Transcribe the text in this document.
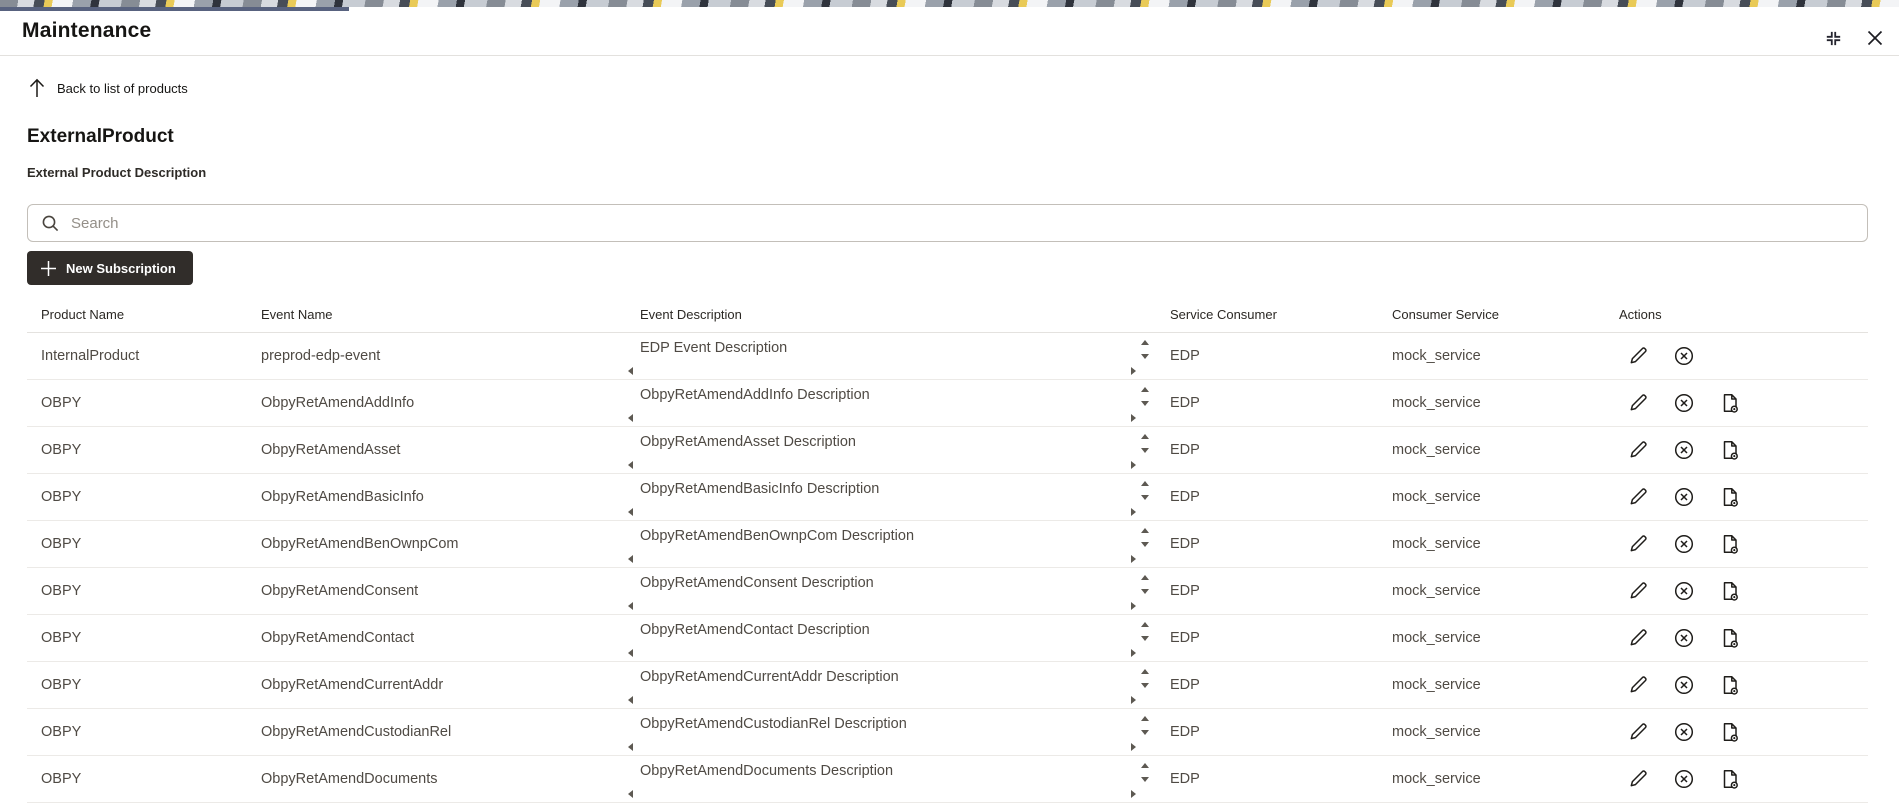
Maintenance
Back to list of products
ExternalProduct
External Product Description
Search
New Subscription
Product Name	Event Name	Event Description	Service Consumer	Consumer Service	Actions
InternalProduct	preprod-edp-event	EDP Event Description	EDP	mock_service
OBPY	ObpyRetAmendAddInfo	ObpyRetAmendAddInfo Description	EDP	mock_service
OBPY	ObpyRetAmendAsset	ObpyRetAmendAsset Description	EDP	mock_service
OBPY	ObpyRetAmendBasicInfo	ObpyRetAmendBasicInfo Description	EDP	mock_service
OBPY	ObpyRetAmendBenOwnpCom	ObpyRetAmendBenOwnpCom Description	EDP	mock_service
OBPY	ObpyRetAmendConsent	ObpyRetAmendConsent Description	EDP	mock_service
OBPY	ObpyRetAmendContact	ObpyRetAmendContact Description	EDP	mock_service
OBPY	ObpyRetAmendCurrentAddr	ObpyRetAmendCurrentAddr Description	EDP	mock_service
OBPY	ObpyRetAmendCustodianRel	ObpyRetAmendCustodianRel Description	EDP	mock_service
OBPY	ObpyRetAmendDocuments	ObpyRetAmendDocuments Description	EDP	mock_service
